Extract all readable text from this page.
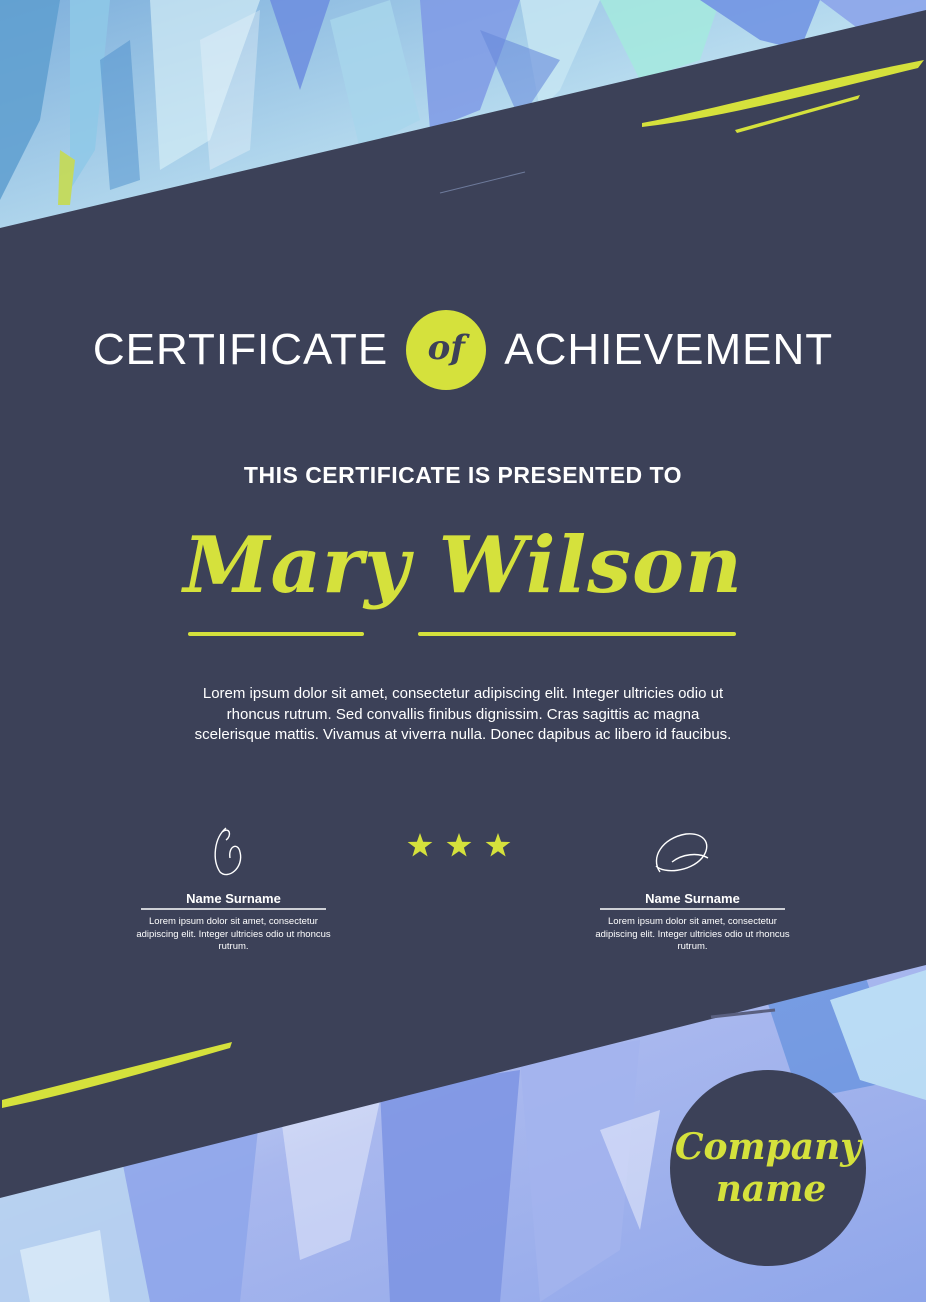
CERTIFICATE of ACHIEVEMENT

THIS CERTIFICATE IS PRESENTED TO

Mary Wilson

Lorem ipsum dolor sit amet, consectetur adipiscing elit. Integer ultricies odio ut rhoncus rutrum. Sed convallis finibus dignissim. Cras sagittis ac magna scelerisque mattis. Vivamus at viverra nulla. Donec dapibus ac libero id faucibus.

Name Surname

Lorem ipsum dolor sit amet, consectetur adipiscing elit. Integer ultricies odio ut rhoncus rutrum.

Name Surname

Lorem ipsum dolor sit amet, consectetur adipiscing elit. Integer ultricies odio ut rhoncus rutrum.

Company
name
